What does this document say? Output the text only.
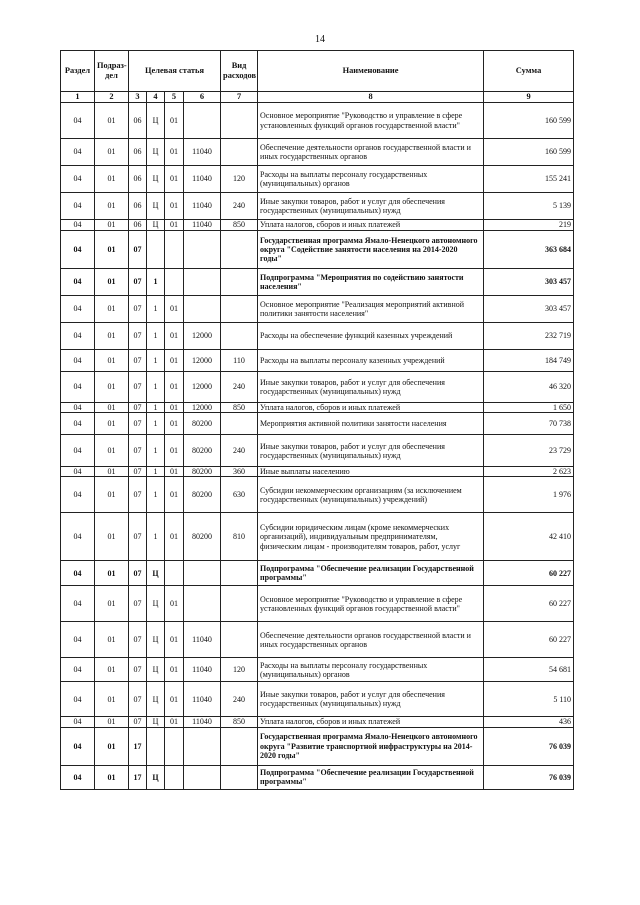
14
Раздел	Подраз-дел	Целевая статья				Вид расходов	Наименование	Сумма
1	2	3	4	5	6	7	8	9
04	01	06	Ц	01			Основное мероприятие "Руководство и управление в сфере установленных функций органов государственной власти"	160 599
04	01	06	Ц	01	11040		Обеспечение деятельности органов государственной власти и иных государственных органов	160 599
04	01	06	Ц	01	11040	120	Расходы на выплаты персоналу государственных (муниципальных) органов	155 241
04	01	06	Ц	01	11040	240	Иные закупки товаров, работ и услуг для обеспечения государственных (муниципальных) нужд	5 139
04	01	06	Ц	01	11040	850	Уплата налогов, сборов и иных платежей	219
04	01	07					Государственная программа Ямало-Ненецкого автономного округа "Содействие занятости населения на 2014-2020 годы"	363 684
04	01	07	1				Подпрограмма "Мероприятия по содействию занятости населения"	303 457
04	01	07	1	01			Основное мероприятие "Реализация мероприятий активной политики занятости населения"	303 457
04	01	07	1	01	12000		Расходы на обеспечение функций казенных учреждений	232 719
04	01	07	1	01	12000	110	Расходы на выплаты персоналу казенных учреждений	184 749
04	01	07	1	01	12000	240	Иные закупки товаров, работ и услуг для обеспечения государственных (муниципальных) нужд	46 320
04	01	07	1	01	12000	850	Уплата налогов, сборов и иных платежей	1 650
04	01	07	1	01	80200		Мероприятия активной политики занятости населения	70 738
04	01	07	1	01	80200	240	Иные закупки товаров, работ и услуг для обеспечения государственных (муниципальных) нужд	23 729
04	01	07	1	01	80200	360	Иные выплаты населению	2 623
04	01	07	1	01	80200	630	Субсидии некоммерческим организациям (за исключением государственных (муниципальных) учреждений)	1 976
04	01	07	1	01	80200	810	Субсидии юридическим лицам (кроме некоммерческих организаций), индивидуальным предпринимателям, физическим лицам - производителям товаров, работ, услуг	42 410
04	01	07	Ц				Подпрограмма "Обеспечение реализации Государственной программы"	60 227
04	01	07	Ц	01			Основное мероприятие "Руководство и управление в сфере установленных функций органов государственной власти"	60 227
04	01	07	Ц	01	11040		Обеспечение деятельности органов государственной власти и иных государственных органов	60 227
04	01	07	Ц	01	11040	120	Расходы на выплаты персоналу государственных (муниципальных) органов	54 681
04	01	07	Ц	01	11040	240	Иные закупки товаров, работ и услуг для обеспечения государственных (муниципальных) нужд	5 110
04	01	07	Ц	01	11040	850	Уплата налогов, сборов и иных платежей	436
04	01	17					Государственная программа Ямало-Ненецкого автономного округа "Развитие транспортной инфраструктуры на 2014-2020 годы"	76 039
04	01	17	Ц				Подпрограмма "Обеспечение реализации Государственной программы"	76 039
